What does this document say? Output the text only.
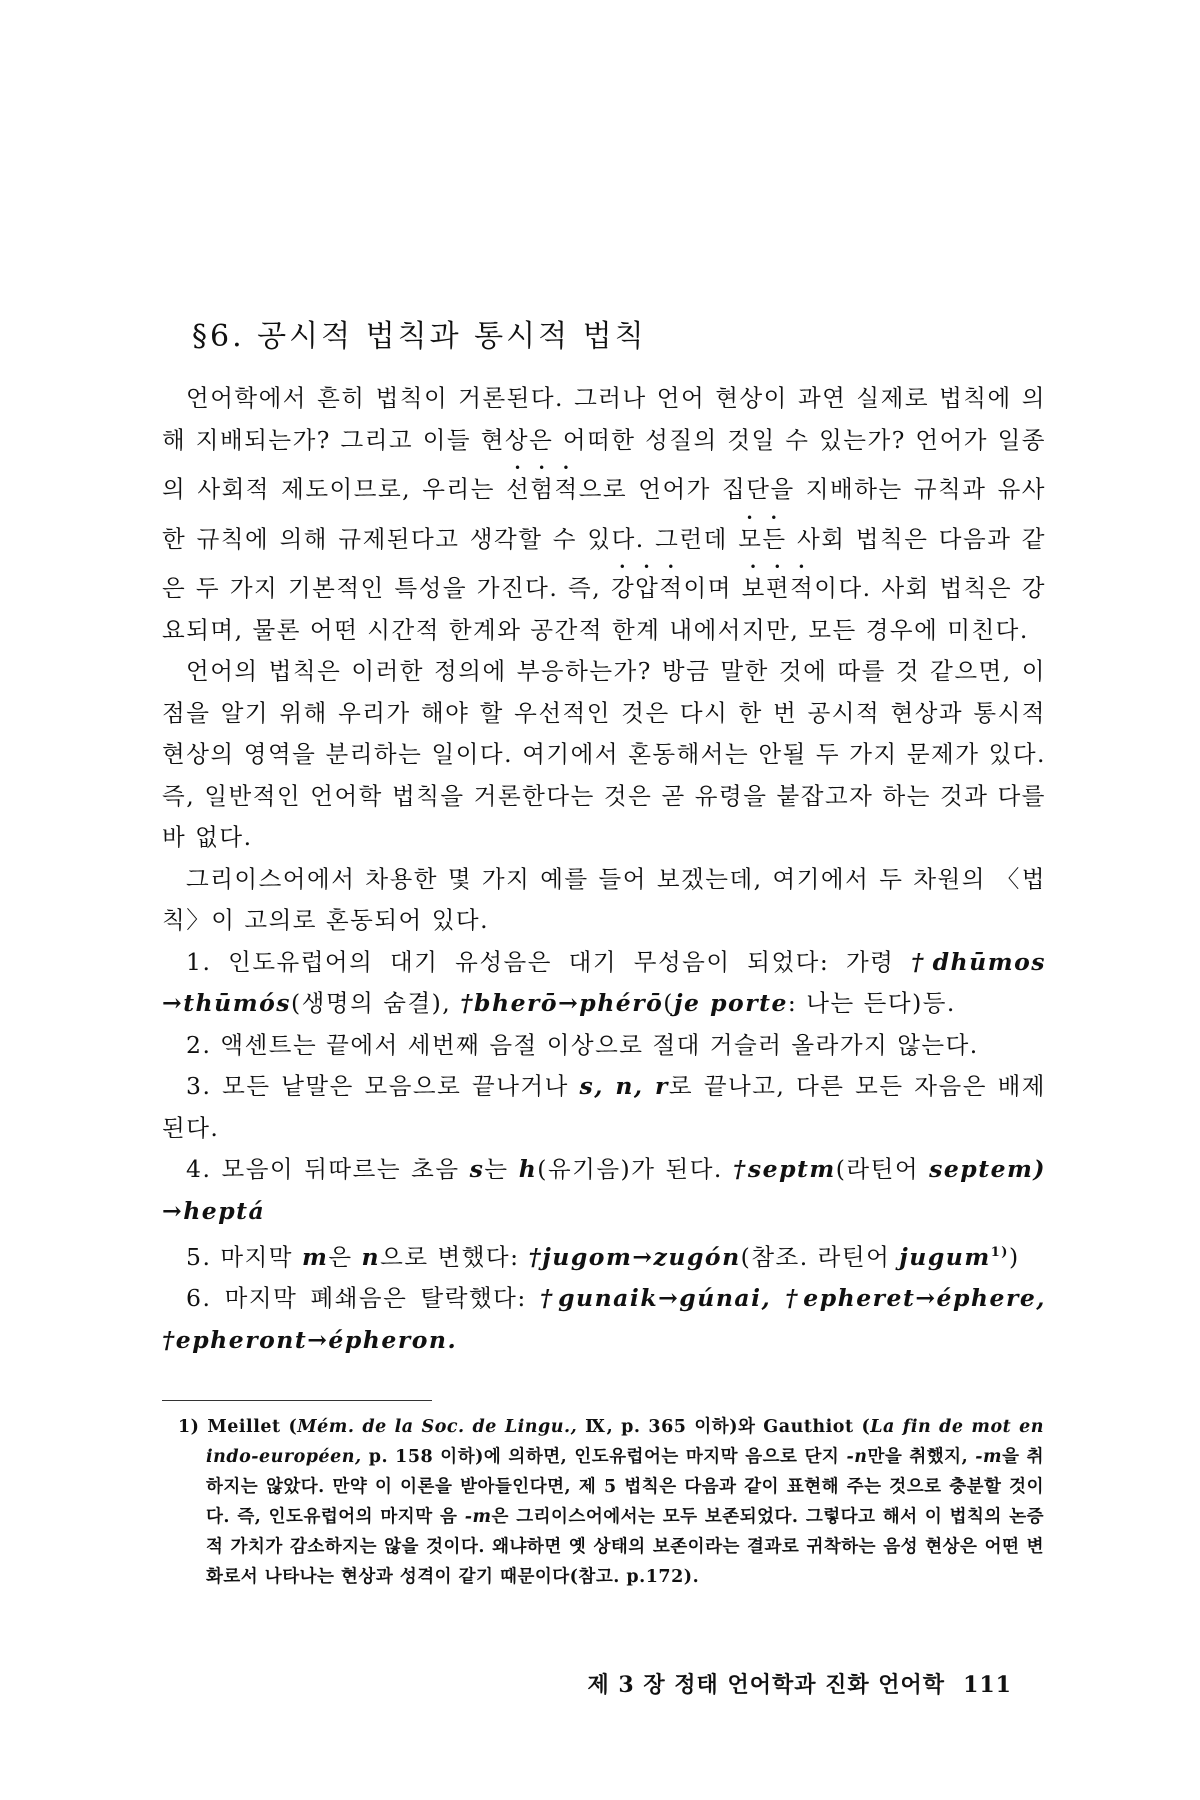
§6. 공시적 법칙과 통시적 법칙

언어학에서 흔히 법칙이 거론된다. 그러나 언어 현상이 과연 실제로 법칙에 의해 지배되는가? 그리고 이들 현상은 어떠한 성질의 것일 수 있는가? 언어가 일종의 사회적 제도이므로, 우리는 선험적으로 언어가 집단을 지배하는 규칙과 유사한 규칙에 의해 규제된다고 생각할 수 있다. 그런데 모든 사회 법칙은 다음과 같은 두 가지 기본적인 특성을 가진다. 즉, 강압적이며 보편적이다. 사회 법칙은 강요되며, 물론 어떤 시간적 한계와 공간적 한계 내에서지만, 모든 경우에 미친다.

언어의 법칙은 이러한 정의에 부응하는가? 방금 말한 것에 따를 것 같으면, 이 점을 알기 위해 우리가 해야 할 우선적인 것은 다시 한 번 공시적 현상과 통시적 현상의 영역을 분리하는 일이다. 여기에서 혼동해서는 안될 두 가지 문제가 있다. 즉, 일반적인 언어학 법칙을 거론한다는 것은 곧 유령을 붙잡고자 하는 것과 다를 바 없다.

그리이스어에서 차용한 몇 가지 예를 들어 보겠는데, 여기에서 두 차원의 〈법칙〉이 고의로 혼동되어 있다.

1. 인도유럽어의 대기 유성음은 대기 무성음이 되었다: 가령 †dhūmos →thūmós(생명의 숨결), †bherō→phérō(je porte: 나는 든다)등.

2. 액센트는 끝에서 세번째 음절 이상으로 절대 거슬러 올라가지 않는다.

3. 모든 낱말은 모음으로 끝나거나 s, n, r로 끝나고, 다른 모든 자음은 배제된다.

4. 모음이 뒤따르는 초음 s는 h(유기음)가 된다. †septm(라틴어 septem) →heptá

5. 마지막 m은 n으로 변했다: †jugom→zugón(참조. 라틴어 jugum$^{1)}$)

6. 마지막 폐쇄음은 탈락했다: †gunaik→gúnai, †epheret→éphere, †epheront→épheron.

1) Meillet (Mém. de la Soc. de Lingu., Ⅸ, p. 365 이하)와 Gauthiot (La fin de mot en indo-européen, p. 158 이하)에 의하면, 인도유럽어는 마지막 음으로 단지 -n만을 취했지, -m을 취하지는 않았다. 만약 이 이론을 받아들인다면, 제 5 법칙은 다음과 같이 표현해 주는 것으로 충분할 것이다. 즉, 인도유럽어의 마지막 음 -m은 그리이스어에서는 모두 보존되었다. 그렇다고 해서 이 법칙의 논증적 가치가 감소하지는 않을 것이다. 왜냐하면 옛 상태의 보존이라는 결과로 귀착하는 음성 현상은 어떤 변화로서 나타나는 현상과 성격이 같기 때문이다(참고. p.172).

제 3 장 정태 언어학과 진화 언어학 111
